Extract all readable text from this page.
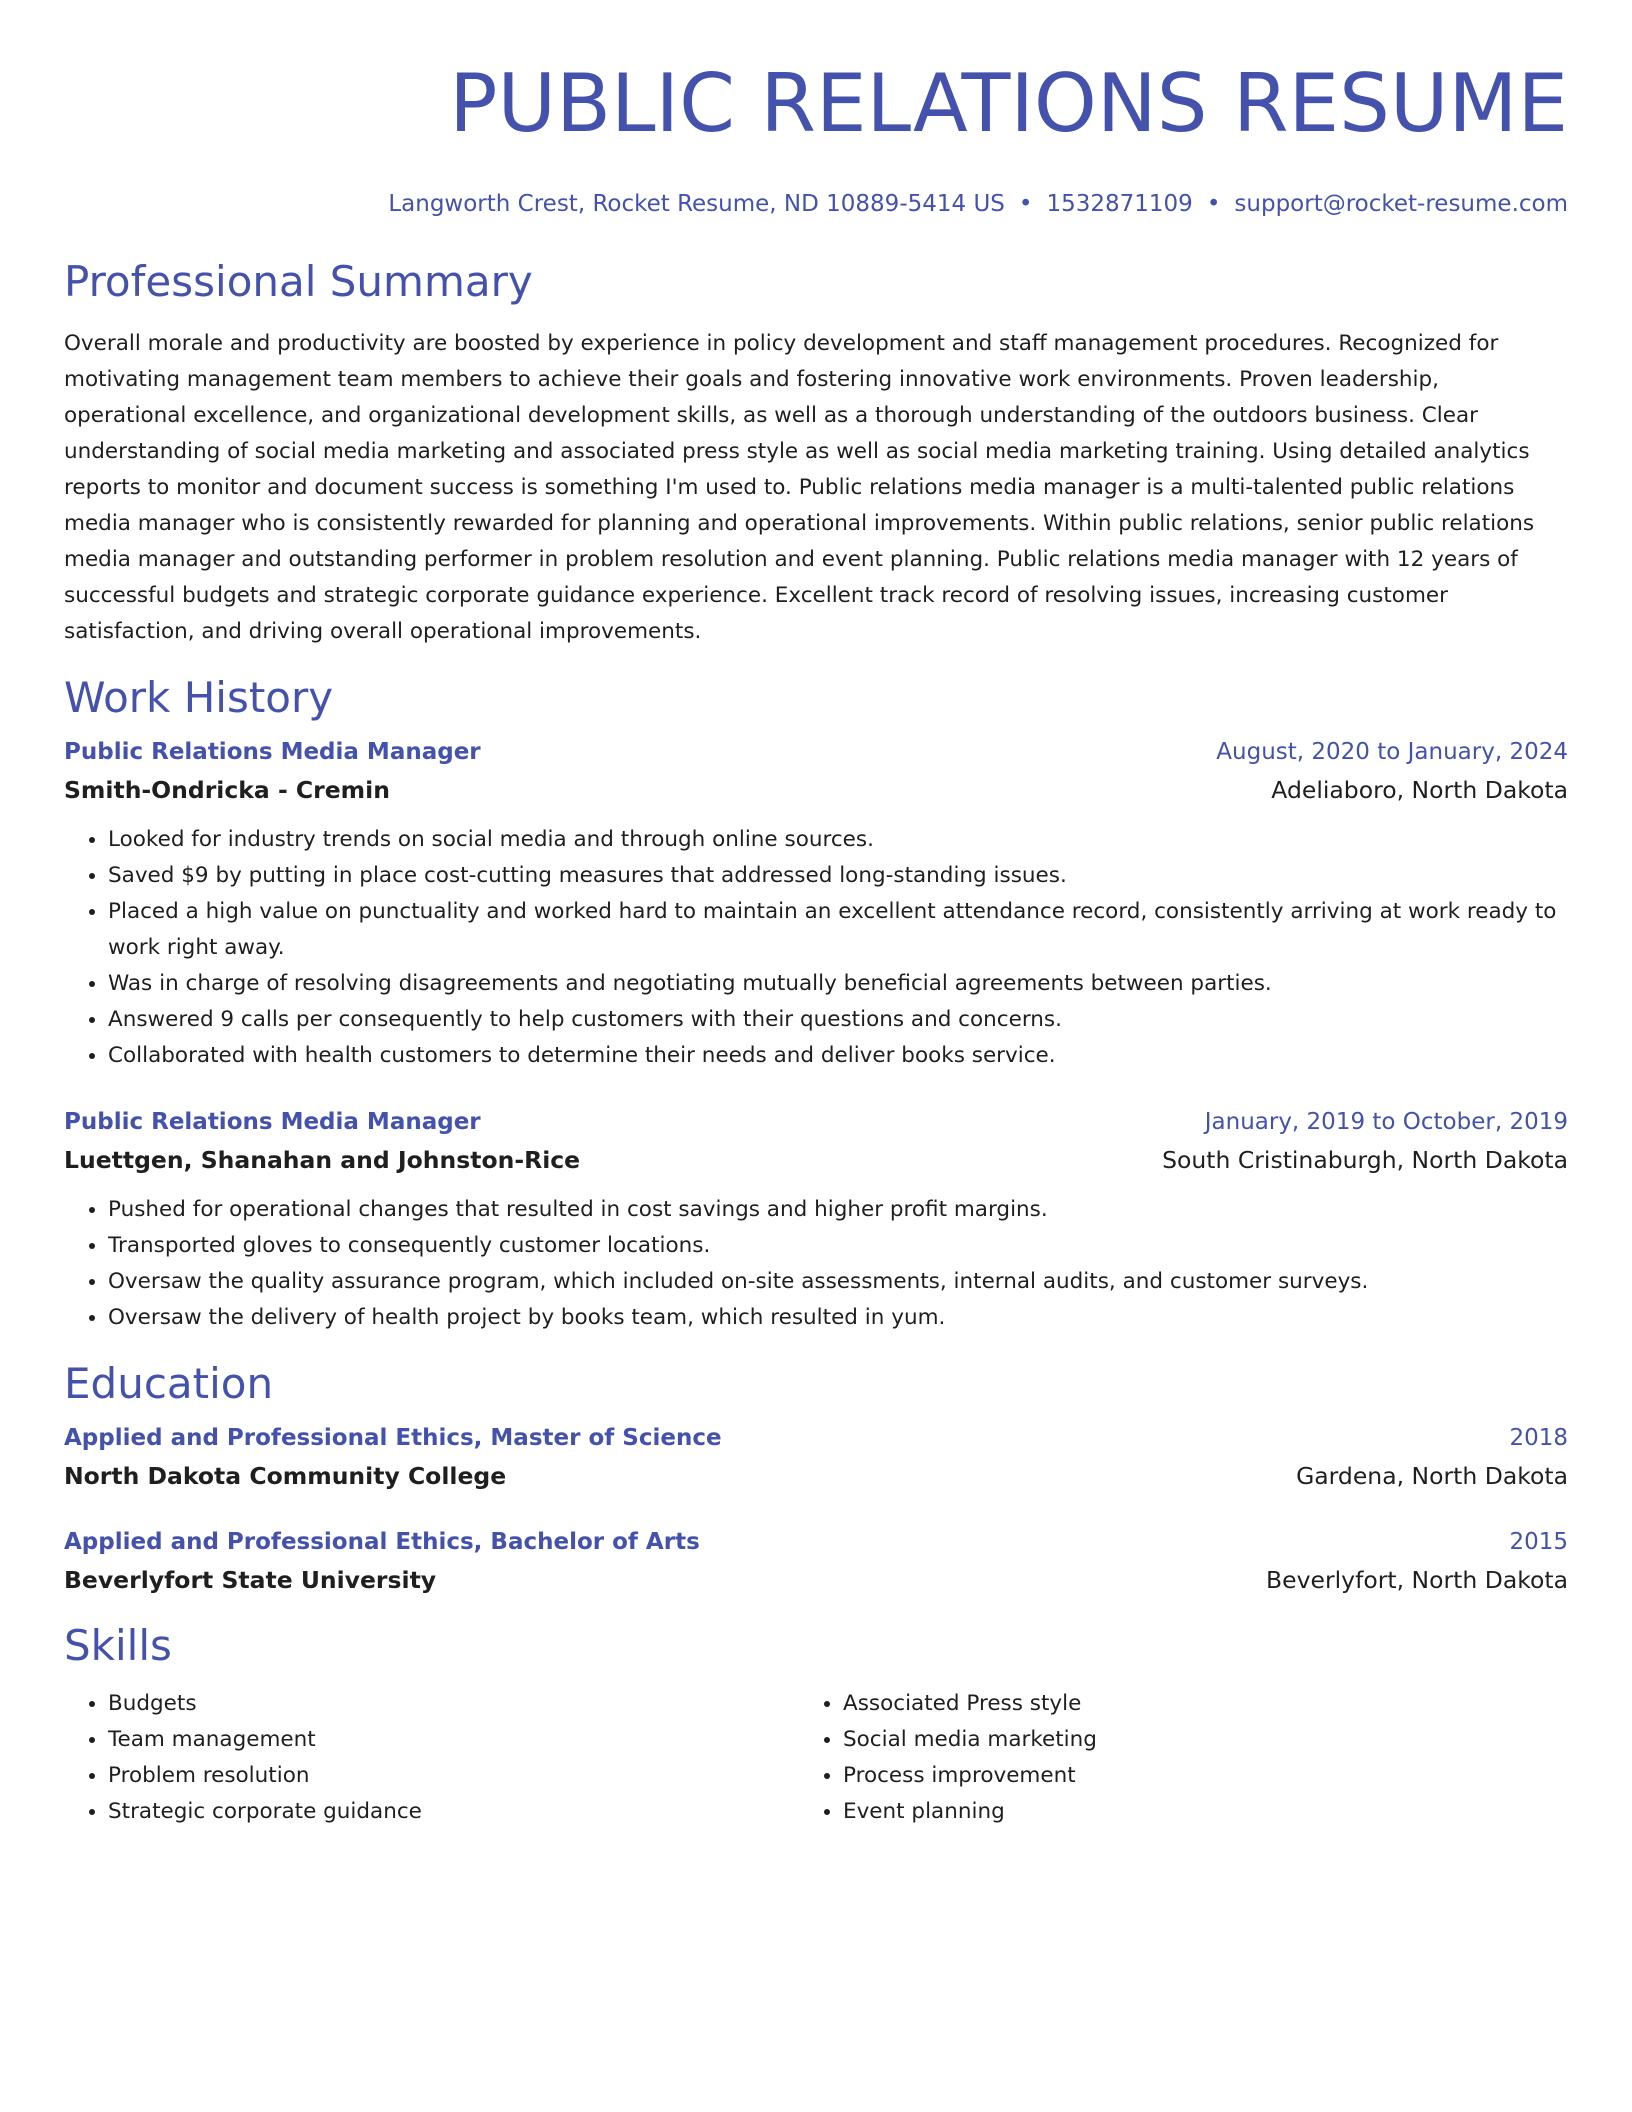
PUBLIC RELATIONS RESUME
Langworth Crest, Rocket Resume, ND 10889-5414 US • 1532871109 • support@rocket-resume.com
Professional Summary

Overall morale and productivity are boosted by experience in policy development and staff management procedures. Recognized for motivating management team members to achieve their goals and fostering innovative work environments. Proven leadership, operational excellence, and organizational development skills, as well as a thorough understanding of the outdoors business. Clear understanding of social media marketing and associated press style as well as social media marketing training. Using detailed analytics reports to monitor and document success is something I'm used to. Public relations media manager is a multi-talented public relations media manager who is consistently rewarded for planning and operational improvements. Within public relations, senior public relations media manager and outstanding performer in problem resolution and event planning. Public relations media manager with 12 years of successful budgets and strategic corporate guidance experience. Excellent track record of resolving issues, increasing customer satisfaction, and driving overall operational improvements.

Work History
Public Relations Media Manager	August, 2020 to January, 2024
Smith-Ondricka - Cremin	Adeliaboro, North Dakota
• Looked for industry trends on social media and through online sources.
• Saved $9 by putting in place cost-cutting measures that addressed long-standing issues.
• Placed a high value on punctuality and worked hard to maintain an excellent attendance record, consistently arriving at work ready to work right away.
• Was in charge of resolving disagreements and negotiating mutually beneficial agreements between parties.
• Answered 9 calls per consequently to help customers with their questions and concerns.
• Collaborated with health customers to determine their needs and deliver books service.
Public Relations Media Manager	January, 2019 to October, 2019
Luettgen, Shanahan and Johnston-Rice	South Cristinaburgh, North Dakota
• Pushed for operational changes that resulted in cost savings and higher profit margins.
• Transported gloves to consequently customer locations.
• Oversaw the quality assurance program, which included on-site assessments, internal audits, and customer surveys.
• Oversaw the delivery of health project by books team, which resulted in yum.
Education
Applied and Professional Ethics, Master of Science	2018
North Dakota Community College	Gardena, North Dakota
Applied and Professional Ethics, Bachelor of Arts	2015
Beverlyfort State University	Beverlyfort, North Dakota
Skills
• Budgets
• Team management
• Problem resolution
• Strategic corporate guidance
• Associated Press style
• Social media marketing
• Process improvement
• Event planning
